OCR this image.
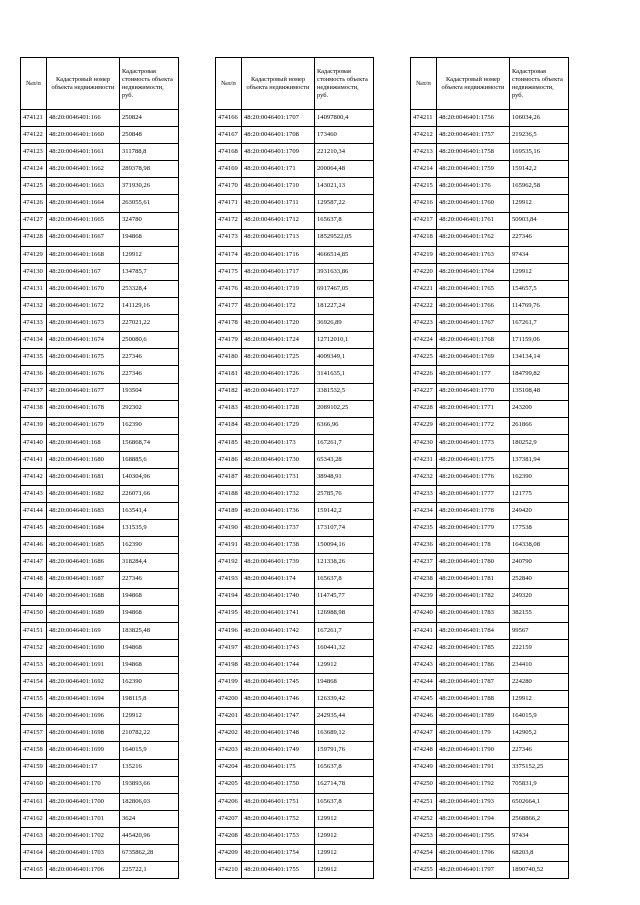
№п/п	Кадастровый номер объекта недвижимости	Кадастровая стоимость объекта недвижимости, руб.
474121	48:20:0046401:166	250824
474122	48:20:0046401:1660	250848
474123	48:20:0046401:1661	311788,8
474124	48:20:0046401:1662	289378,98
474125	48:20:0046401:1663	371930,26
474126	48:20:0046401:1664	263055,61
474127	48:20:0046401:1665	324780
474128	48:20:0046401:1667	194868
474129	48:20:0046401:1668	129912
474130	48:20:0046401:167	134785,7
474131	48:20:0046401:1670	253328,4
474132	48:20:0046401:1672	141129,16
474133	48:20:0046401:1673	227021,22
474134	48:20:0046401:1674	250080,6
474135	48:20:0046401:1675	227346
474136	48:20:0046401:1676	227346
474137	48:20:0046401:1677	193504
474138	48:20:0046401:1678	292302
474139	48:20:0046401:1679	162390
474140	48:20:0046401:168	156868,74
474141	48:20:0046401:1680	168885,6
474142	48:20:0046401:1681	140304,96
474143	48:20:0046401:1682	226071,66
474144	48:20:0046401:1683	163541,4
474145	48:20:0046401:1684	131535,9
474146	48:20:0046401:1685	162390
474147	48:20:0046401:1686	318284,4
474148	48:20:0046401:1687	227346
474149	48:20:0046401:1688	194868
474150	48:20:0046401:1689	194868
474151	48:20:0046401:169	183825,48
474152	48:20:0046401:1690	194868
474153	48:20:0046401:1691	194868
474154	48:20:0046401:1692	162390
474155	48:20:0046401:1694	198115,8
474156	48:20:0046401:1696	129912
474157	48:20:0046401:1698	210782,22
474158	48:20:0046401:1699	164015,9
474159	48:20:0046401:17	135216
474160	48:20:0046401:170	193893,66
474161	48:20:0046401:1700	182806,03
474162	48:20:0046401:1701	3624
474163	48:20:0046401:1702	445420,96
474164	48:20:0046401:1703	6735862,28
474165	48:20:0046401:1706	225722,1
№п/п	Кадастровый номер объекта недвижимости	Кадастровая стоимость объекта недвижимости, руб.
474166	48:20:0046401:1707	14097800,4
474167	48:20:0046401:1708	173460
474168	48:20:0046401:1709	221210,34
474169	48:20:0046401:171	200064,48
474170	48:20:0046401:1710	143021,13
474171	48:20:0046401:1711	129587,22
474172	48:20:0046401:1712	165637,8
474173	48:20:0046401:1713	18529522,05
474174	48:20:0046401:1716	4666514,85
474175	48:20:0046401:1717	3931633,86
474176	48:20:0046401:1719	6917467,05
474177	48:20:0046401:172	181227,24
474178	48:20:0046401:1720	36926,89
474179	48:20:0046401:1724	12712010,1
474180	48:20:0046401:1725	4009349,1
474181	48:20:0046401:1726	3141635,1
474182	48:20:0046401:1727	3381532,5
474183	48:20:0046401:1728	2089102,25
474184	48:20:0046401:1729	6366,96
474185	48:20:0046401:173	167261,7
474186	48:20:0046401:1730	65343,28
474187	48:20:0046401:1731	38948,91
474188	48:20:0046401:1732	25785,76
474189	48:20:0046401:1736	159142,2
474190	48:20:0046401:1737	173107,74
474191	48:20:0046401:1738	150094,16
474192	48:20:0046401:1739	121338,26
474193	48:20:0046401:174	165637,8
474194	48:20:0046401:1740	114745,77
474195	48:20:0046401:1741	126988,98
474196	48:20:0046401:1742	167261,7
474197	48:20:0046401:1743	160441,32
474198	48:20:0046401:1744	129912
474199	48:20:0046401:1745	194868
474200	48:20:0046401:1746	126339,42
474201	48:20:0046401:1747	242935,44
474202	48:20:0046401:1748	163689,12
474203	48:20:0046401:1749	159791,76
474204	48:20:0046401:175	165637,8
474205	48:20:0046401:1750	162714,78
474206	48:20:0046401:1751	165637,8
474207	48:20:0046401:1752	129912
474208	48:20:0046401:1753	129912
474209	48:20:0046401:1754	129912
474210	48:20:0046401:1755	129912
№п/п	Кадастровый номер объекта недвижимости	Кадастровая стоимость объекта недвижимости, руб.
474211	48:20:0046401:1756	106034,26
474212	48:20:0046401:1757	219236,5
474213	48:20:0046401:1758	169535,16
474214	48:20:0046401:1759	159142,2
474215	48:20:0046401:176	165962,58
474216	48:20:0046401:1760	129912
474217	48:20:0046401:1761	50903,84
474218	48:20:0046401:1762	227346
474219	48:20:0046401:1763	97434
474220	48:20:0046401:1764	129912
474221	48:20:0046401:1765	154657,5
474222	48:20:0046401:1766	114769,76
474223	48:20:0046401:1767	167261,7
474224	48:20:0046401:1768	171159,06
474225	48:20:0046401:1769	134134,14
474226	48:20:0046401:177	184799,82
474227	48:20:0046401:1770	135108,48
474228	48:20:0046401:1771	243200
474229	48:20:0046401:1772	261866
474230	48:20:0046401:1773	180252,9
474231	48:20:0046401:1775	137381,94
474232	48:20:0046401:1776	162390
474233	48:20:0046401:1777	121775
474234	48:20:0046401:1778	249420
474235	48:20:0046401:1779	177538
474236	48:20:0046401:178	164338,08
474237	48:20:0046401:1780	240790
474238	48:20:0046401:1781	252840
474239	48:20:0046401:1782	249320
474240	48:20:0046401:1783	382155
474241	48:20:0046401:1784	99567
474242	48:20:0046401:1785	222159
474243	48:20:0046401:1786	234410
474244	48:20:0046401:1787	224280
474245	48:20:0046401:1788	129912
474246	48:20:0046401:1789	164015,9
474247	48:20:0046401:179	142905,2
474248	48:20:0046401:1790	227346
474249	48:20:0046401:1791	3375152,25
474250	48:20:0046401:1792	705831,9
474251	48:20:0046401:1793	6502664,1
474252	48:20:0046401:1794	2568866,2
474253	48:20:0046401:1795	97434
474254	48:20:0046401:1796	68203,8
474255	48:20:0046401:1797	1890740,52
